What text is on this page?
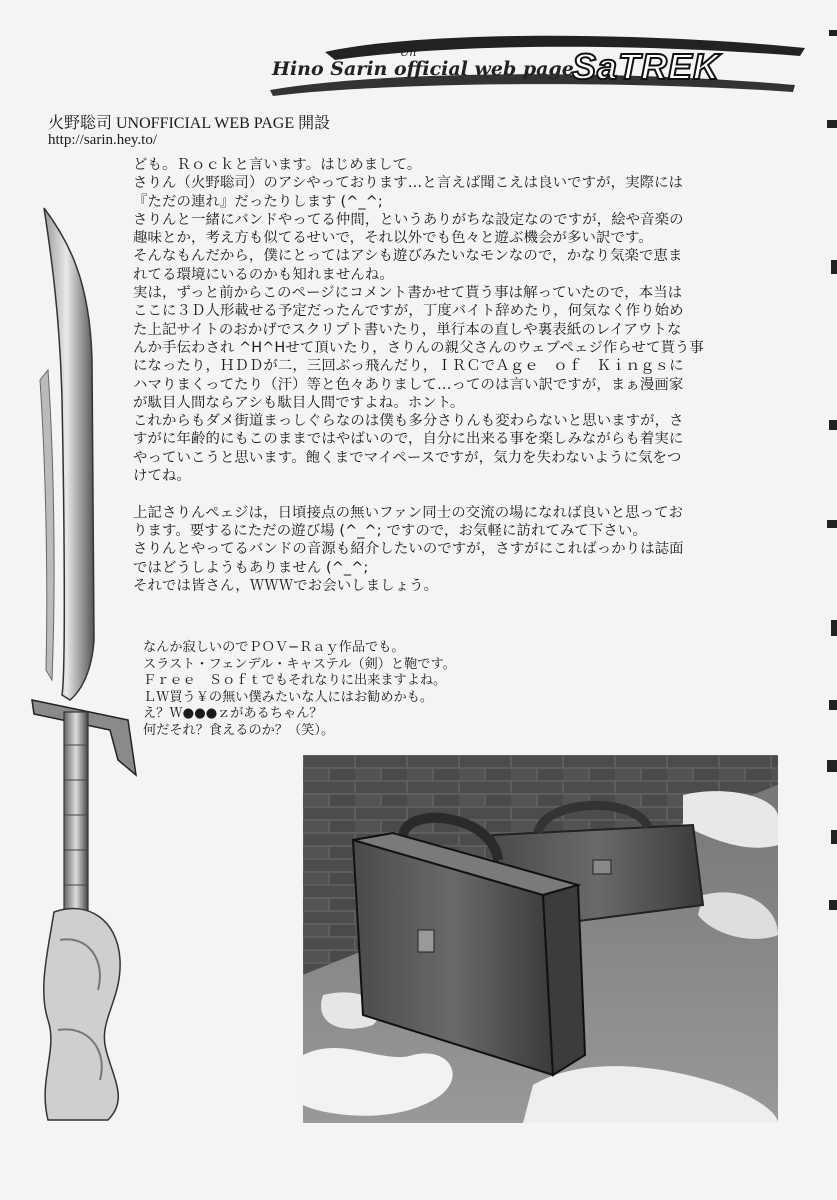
Hino Sarin official web page
Un	SaTREK
火野聡司 UNOFFICIAL WEB PAGE 開設
http://sarin.hey.to/
ども。Ｒｏｃｋと言います。はじめまして。
さりん（火野聡司）のアシやっております…と言えば聞こえは良いですが，実際には
『ただの連れ』だったりします (^_^;
さりんと一緒にバンドやってる仲間，というありがちな設定なのですが，絵や音楽の
趣味とか，考え方も似てるせいで，それ以外でも色々と遊ぶ機会が多い訳です。
そんなもんだから，僕にとってはアシも遊びみたいなモンなので，かなり気楽で恵ま
れてる環境にいるのかも知れませんね。
実は，ずっと前からこのページにコメント書かせて貰う事は解っていたので，本当は
ここに３Ｄ人形載せる予定だったんですが，丁度バイト辞めたり，何気なく作り始め
た上記サイトのおかげでスクリプト書いたり，単行本の直しや裏表紙のレイアウトな
んか手伝わされ ^H^Hせて頂いたり，さりんの親父さんのウェブペェジ作らせて貰う事
になったり，ＨＤＤが二，三回ぶっ飛んだり，ＩＲＣでＡｇｅ　ｏｆ　Ｋｉｎｇｓに
ハマりまくってたり（汗）等と色々ありまして…ってのは言い訳ですが，まぁ漫画家
が駄目人間ならアシも駄目人間ですよね。ホント。
これからもダメ街道まっしぐらなのは僕も多分さりんも変わらないと思いますが，さ
すがに年齢的にもこのままではやばいので，自分に出来る事を楽しみながらも着実に
やっていこうと思います。飽くまでマイペースですが，気力を失わないように気をつ
けてね。

上記さりんペェジは，日頃接点の無いファン同士の交流の場になれば良いと思ってお
ります。要するにただの遊び場 (^_^; ですので，お気軽に訪れてみて下さい。
さりんとやってるバンドの音源も紹介したいのですが，さすがにこればっかりは誌面
ではどうしようもありません (^_^;
それでは皆さん，ＷＷＷでお会いしましょう。
なんか寂しいのでＰＯＶ−Ｒａｙ作品でも。
スラスト・フェンデル・キャステル（剣）と鞄です。
Ｆｒｅｅ　Ｓｏｆｔでもそれなりに出来ますよね。
ＬＷ買う￥の無い僕みたいな人にはお勧めかも。
え？Ｗ●●●ｚがあるちゃん？
何だそれ？食えるのか？（笑）。
